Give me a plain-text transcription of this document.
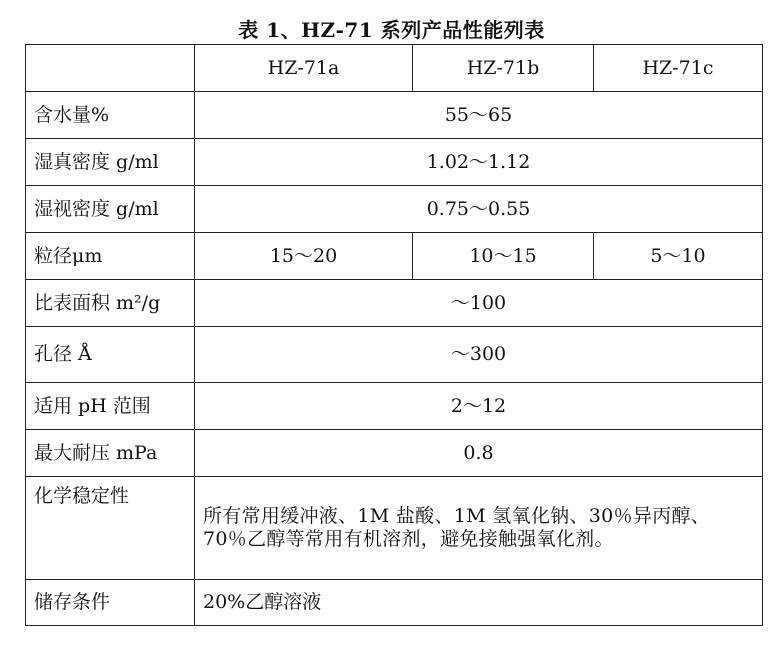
表 1、HZ-71 系列产品性能列表
	HZ-71a	HZ-71b	HZ-71c
含水量%	55～65		
湿真密度 g/ml	1.02～1.12		
湿视密度 g/ml	0.75～0.55		
粒径μm	15～20	10～15	5～10
比表面积 m²/g	～100		
孔径 Å	～300		
适用 pH 范围	2～12		
最大耐压 mPa	0.8		
化学稳定性	所有常用缓冲液、1M 盐酸、1M 氢氧化钠、30％异丙醇、70％乙醇等常用有机溶剂，避免接触强氧化剂。		
储存条件	20%乙醇溶液		
